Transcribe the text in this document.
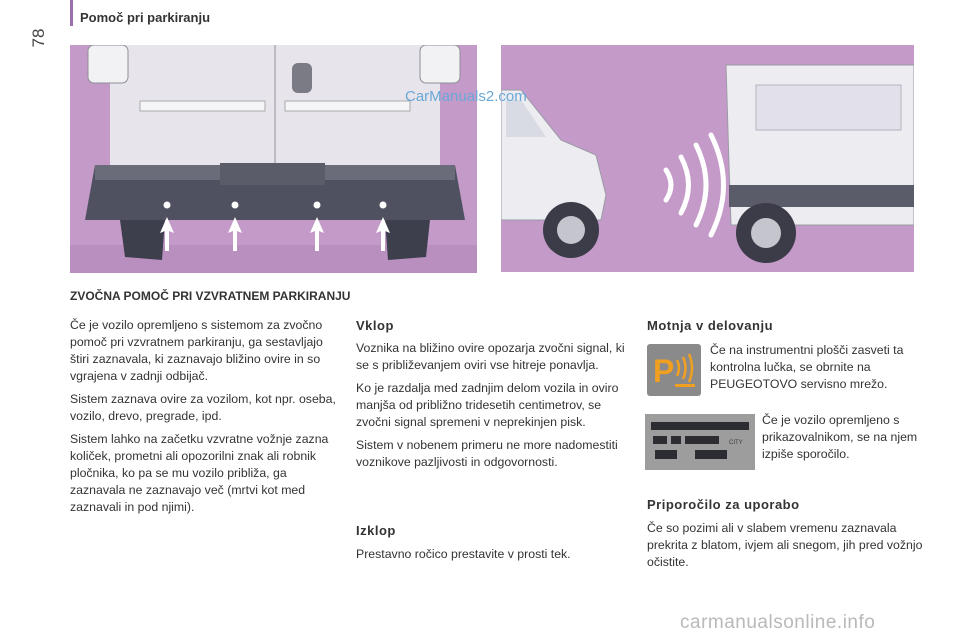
78
Pomoč pri parkiranju
CarManuals2.com
ZVOČNA POMOČ PRI VZVRATNEM PARKIRANJU

Če je vozilo opremljeno s sistemom za zvočno pomoč pri vzvratnem parkiranju, ga sestavljajo štiri zaznavala, ki zaznavajo bližino ovire in so vgrajena v zadnji odbijač.

Sistem zaznava ovire za vozilom, kot npr. oseba, vozilo, drevo, pregrade, ipd.

Sistem lahko na začetku vzvratne vožnje zazna količek, prometni ali opozorilni znak ali robnik pločnika, ko pa se mu vozilo približa, ga zaznavala ne zaznavajo več (mrtvi kot med zaznavali in pod njimi).

Vklop

Voznika na bližino ovire opozarja zvočni signal, ki se s približevanjem oviri vse hitreje ponavlja.

Ko je razdalja med zadnjim delom vozila in oviro manjša od približno tridesetih centimetrov, se zvočni signal spremeni v neprekinjen pisk.

Sistem v nobenem primeru ne more nadomestiti voznikove pazljivosti in odgovornosti.

Izklop
Prestavno ročico prestavite v prosti tek.
Motnja v delovanju
P
Če na instrumentni plošči zasveti ta kontrolna lučka, se obrnite na PEUGEOTOVO servisno mrežo.
CITY
Če je vozilo opremljeno s prikazovalnikom, se na njem izpiše sporočilo.
Priporočilo za uporabo
Če so pozimi ali v slabem vremenu zaznavala prekrita z blatom, ivjem ali snegom, jih pred vožnjo očistite.
carmanualsonline.info
